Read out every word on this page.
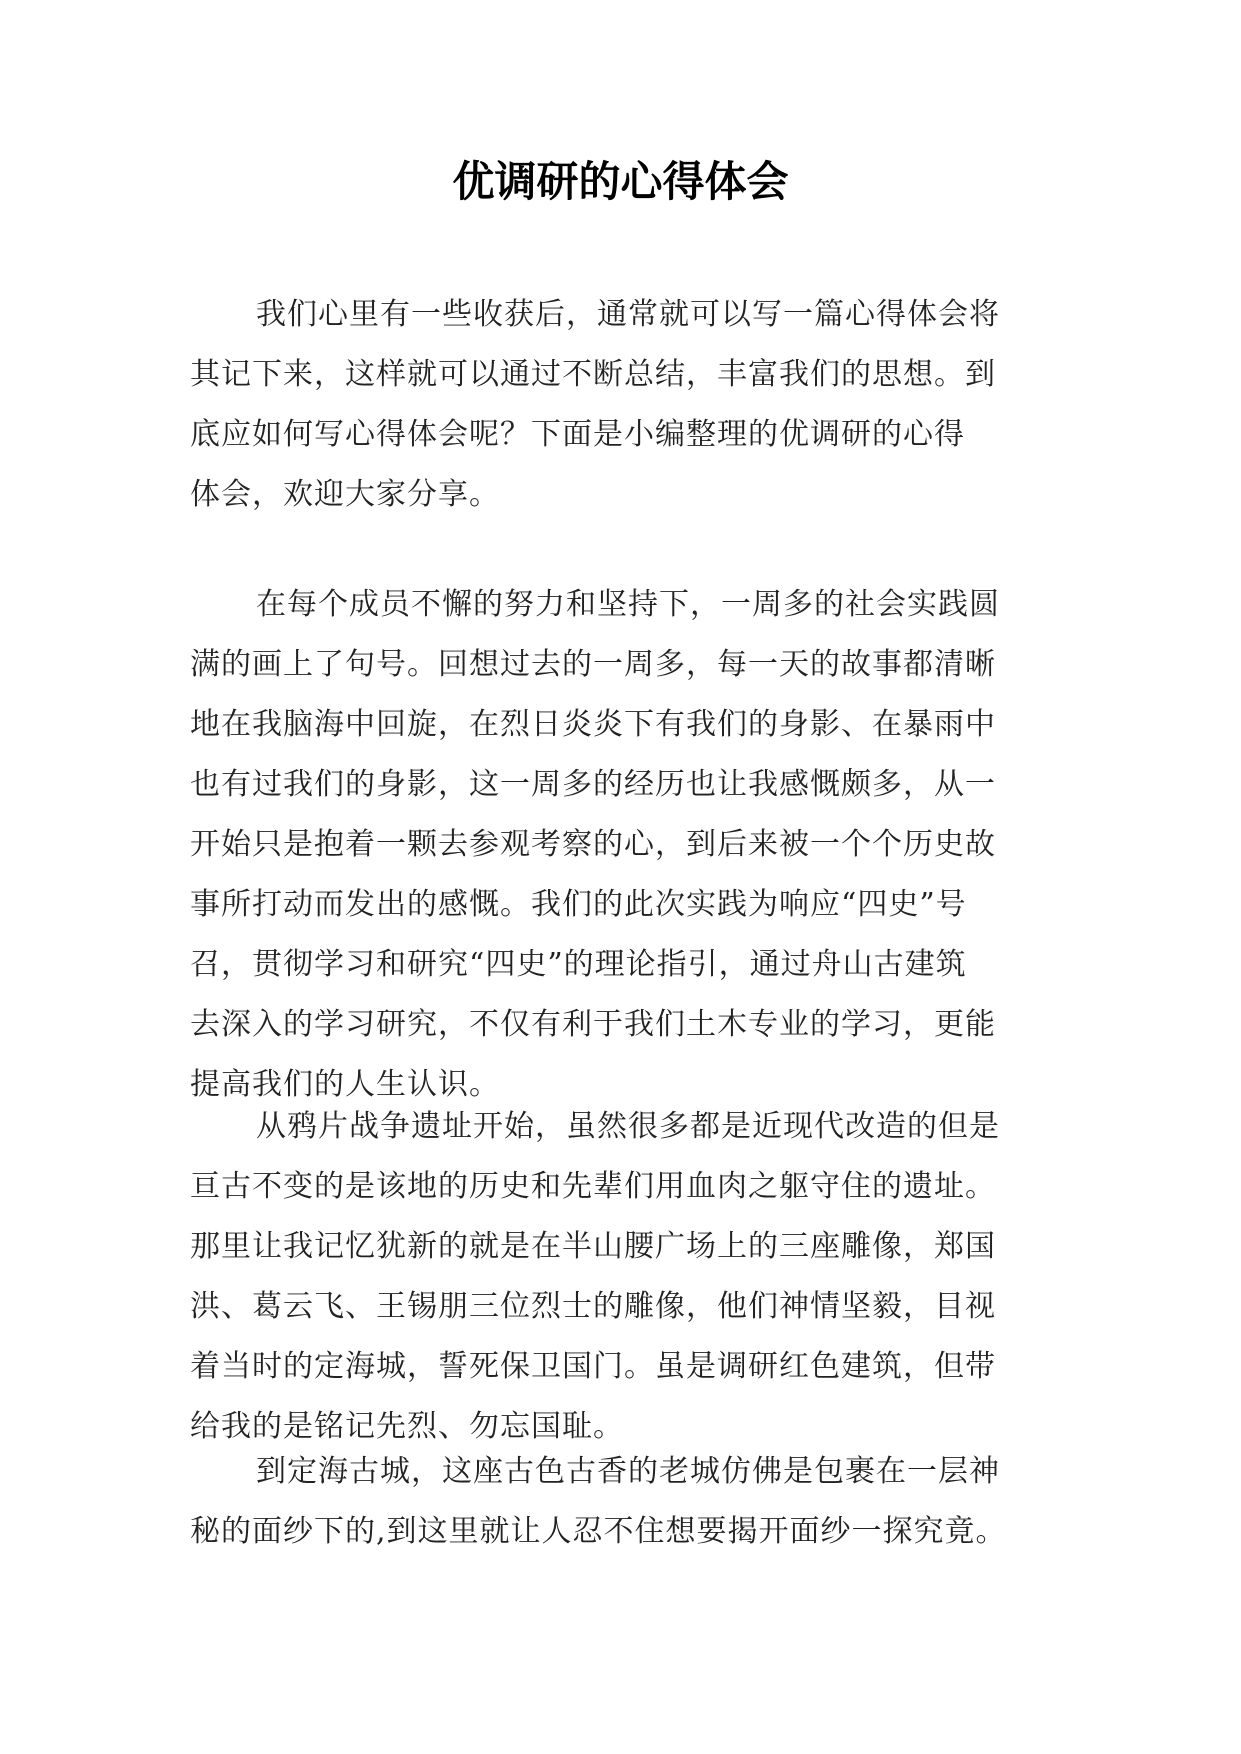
优调研的心得体会
我们心里有一些收获后，通常就可以写一篇心得体会将
其记下来，这样就可以通过不断总结，丰富我们的思想。到
底应如何写心得体会呢？下面是小编整理的优调研的心得
体会，欢迎大家分享。
在每个成员不懈的努力和坚持下，一周多的社会实践圆
满的画上了句号。回想过去的一周多，每一天的故事都清晰
地在我脑海中回旋，在烈日炎炎下有我们的身影、在暴雨中
也有过我们的身影，这一周多的经历也让我感慨颇多，从一
开始只是抱着一颗去参观考察的心，到后来被一个个历史故
事所打动而发出的感慨。我们的此次实践为响应“四史”号
召，贯彻学习和研究“四史”的理论指引，通过舟山古建筑
去深入的学习研究，不仅有利于我们土木专业的学习，更能
提高我们的人生认识。
从鸦片战争遗址开始，虽然很多都是近现代改造的但是
亘古不变的是该地的历史和先辈们用血肉之躯守住的遗址。
那里让我记忆犹新的就是在半山腰广场上的三座雕像，郑国
洪、葛云飞、王锡朋三位烈士的雕像，他们神情坚毅，目视
着当时的定海城，誓死保卫国门。虽是调研红色建筑，但带
给我的是铭记先烈、勿忘国耻。
到定海古城，这座古色古香的老城仿佛是包裹在一层神
秘的面纱下的,到这里就让人忍不住想要揭开面纱一探究竟。
